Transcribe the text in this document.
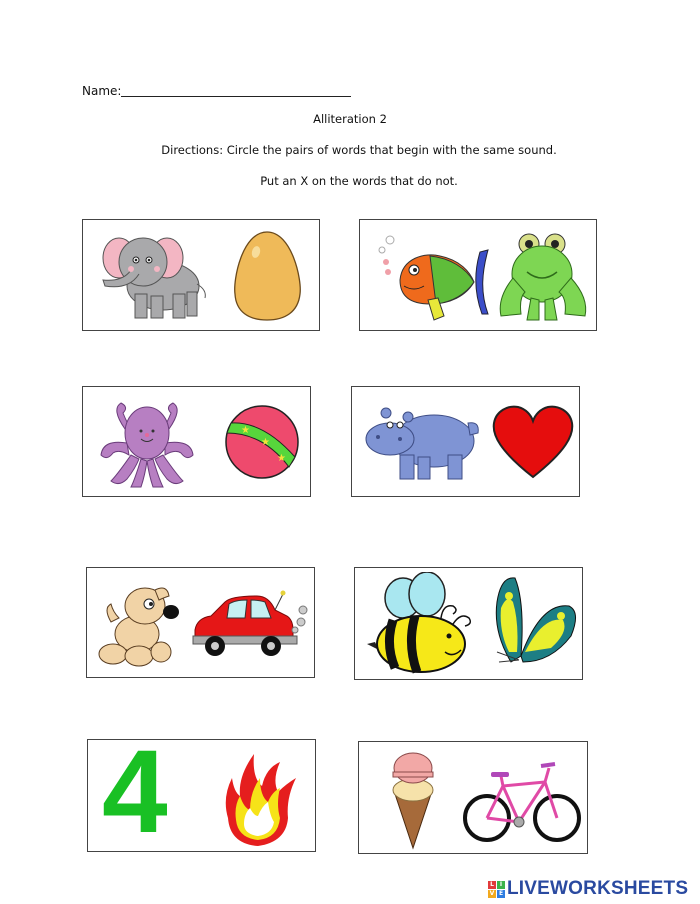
Name:
Alliteration 2
Directions: Circle the pairs of words that begin with the same sound.
Put an X on the words that do not.
★
★
★
4
L I
V E LIVEWORKSHEETS
